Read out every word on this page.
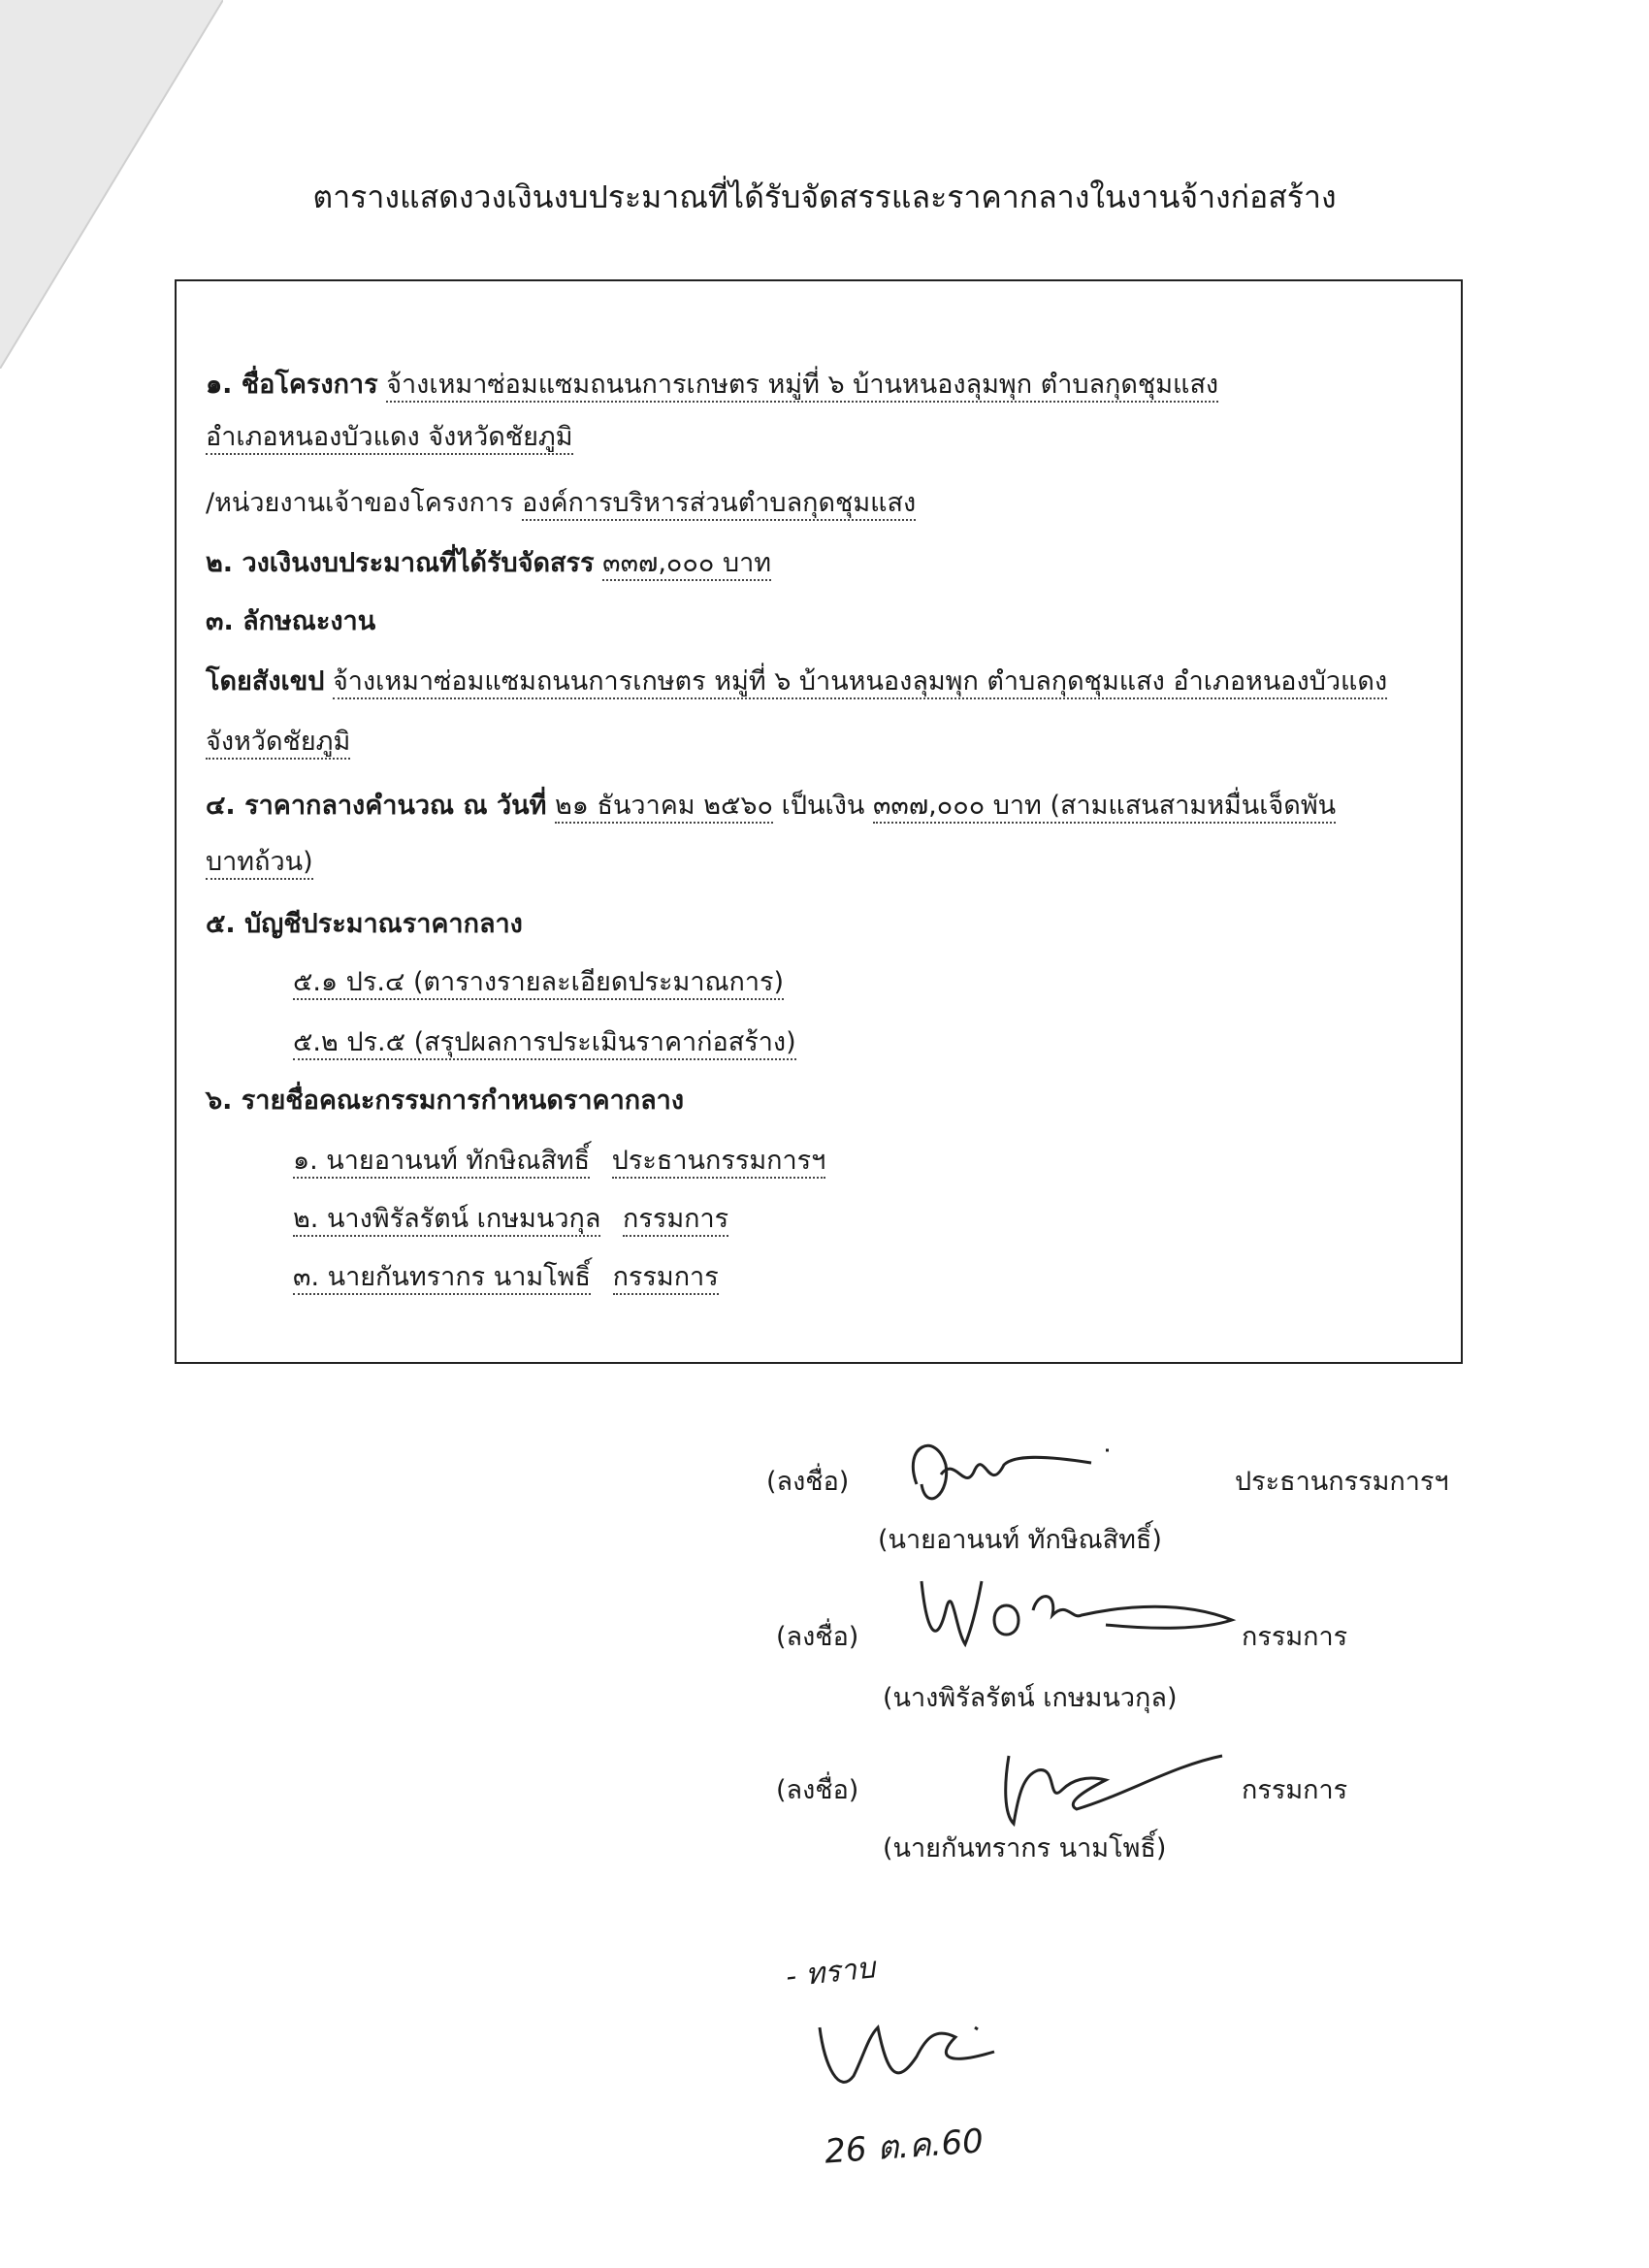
ตารางแสดงวงเงินงบประมาณที่ได้รับจัดสรรและราคากลางในงานจ้างก่อสร้าง
๑. ชื่อโครงการ จ้างเหมาซ่อมแซมถนนการเกษตร หมู่ที่ ๖ บ้านหนองลุมพุก ตำบลกุดชุมแสง
อำเภอหนองบัวแดง จังหวัดชัยภูมิ
/หน่วยงานเจ้าของโครงการ องค์การบริหารส่วนตำบลกุดชุมแสง
๒. วงเงินงบประมาณที่ได้รับจัดสรร ๓๓๗,๐๐๐ บาท
๓. ลักษณะงาน
โดยสังเขป จ้างเหมาซ่อมแซมถนนการเกษตร หมู่ที่ ๖ บ้านหนองลุมพุก ตำบลกุดชุมแสง อำเภอหนองบัวแดง
จังหวัดชัยภูมิ
๔. ราคากลางคำนวณ ณ วันที่ ๒๑ ธันวาคม ๒๕๖๐ เป็นเงิน ๓๓๗,๐๐๐ บาท (สามแสนสามหมื่นเจ็ดพัน
บาทถ้วน)
๕. บัญชีประมาณราคากลาง
๕.๑ ปร.๔ (ตารางรายละเอียดประมาณการ)
๕.๒ ปร.๕ (สรุปผลการประเมินราคาก่อสร้าง)
๖. รายชื่อคณะกรรมการกำหนดราคากลาง
๑. นายอานนท์ ทักษิณสิทธิ์ ประธานกรรมการฯ
๒. นางพิรัลรัตน์ เกษมนวกุล กรรมการ
๓. นายกันทรากร นามโพธิ์ กรรมการ
(ลงชื่อ)	ประธานกรรมการฯ
(นายอานนท์ ทักษิณสิทธิ์)
(ลงชื่อ)	กรรมการ
(นางพิรัลรัตน์ เกษมนวกุล)
(ลงชื่อ)	กรรมการ
(นายกันทรากร นามโพธิ์)
- ทราบ
26 ต.ค.60
